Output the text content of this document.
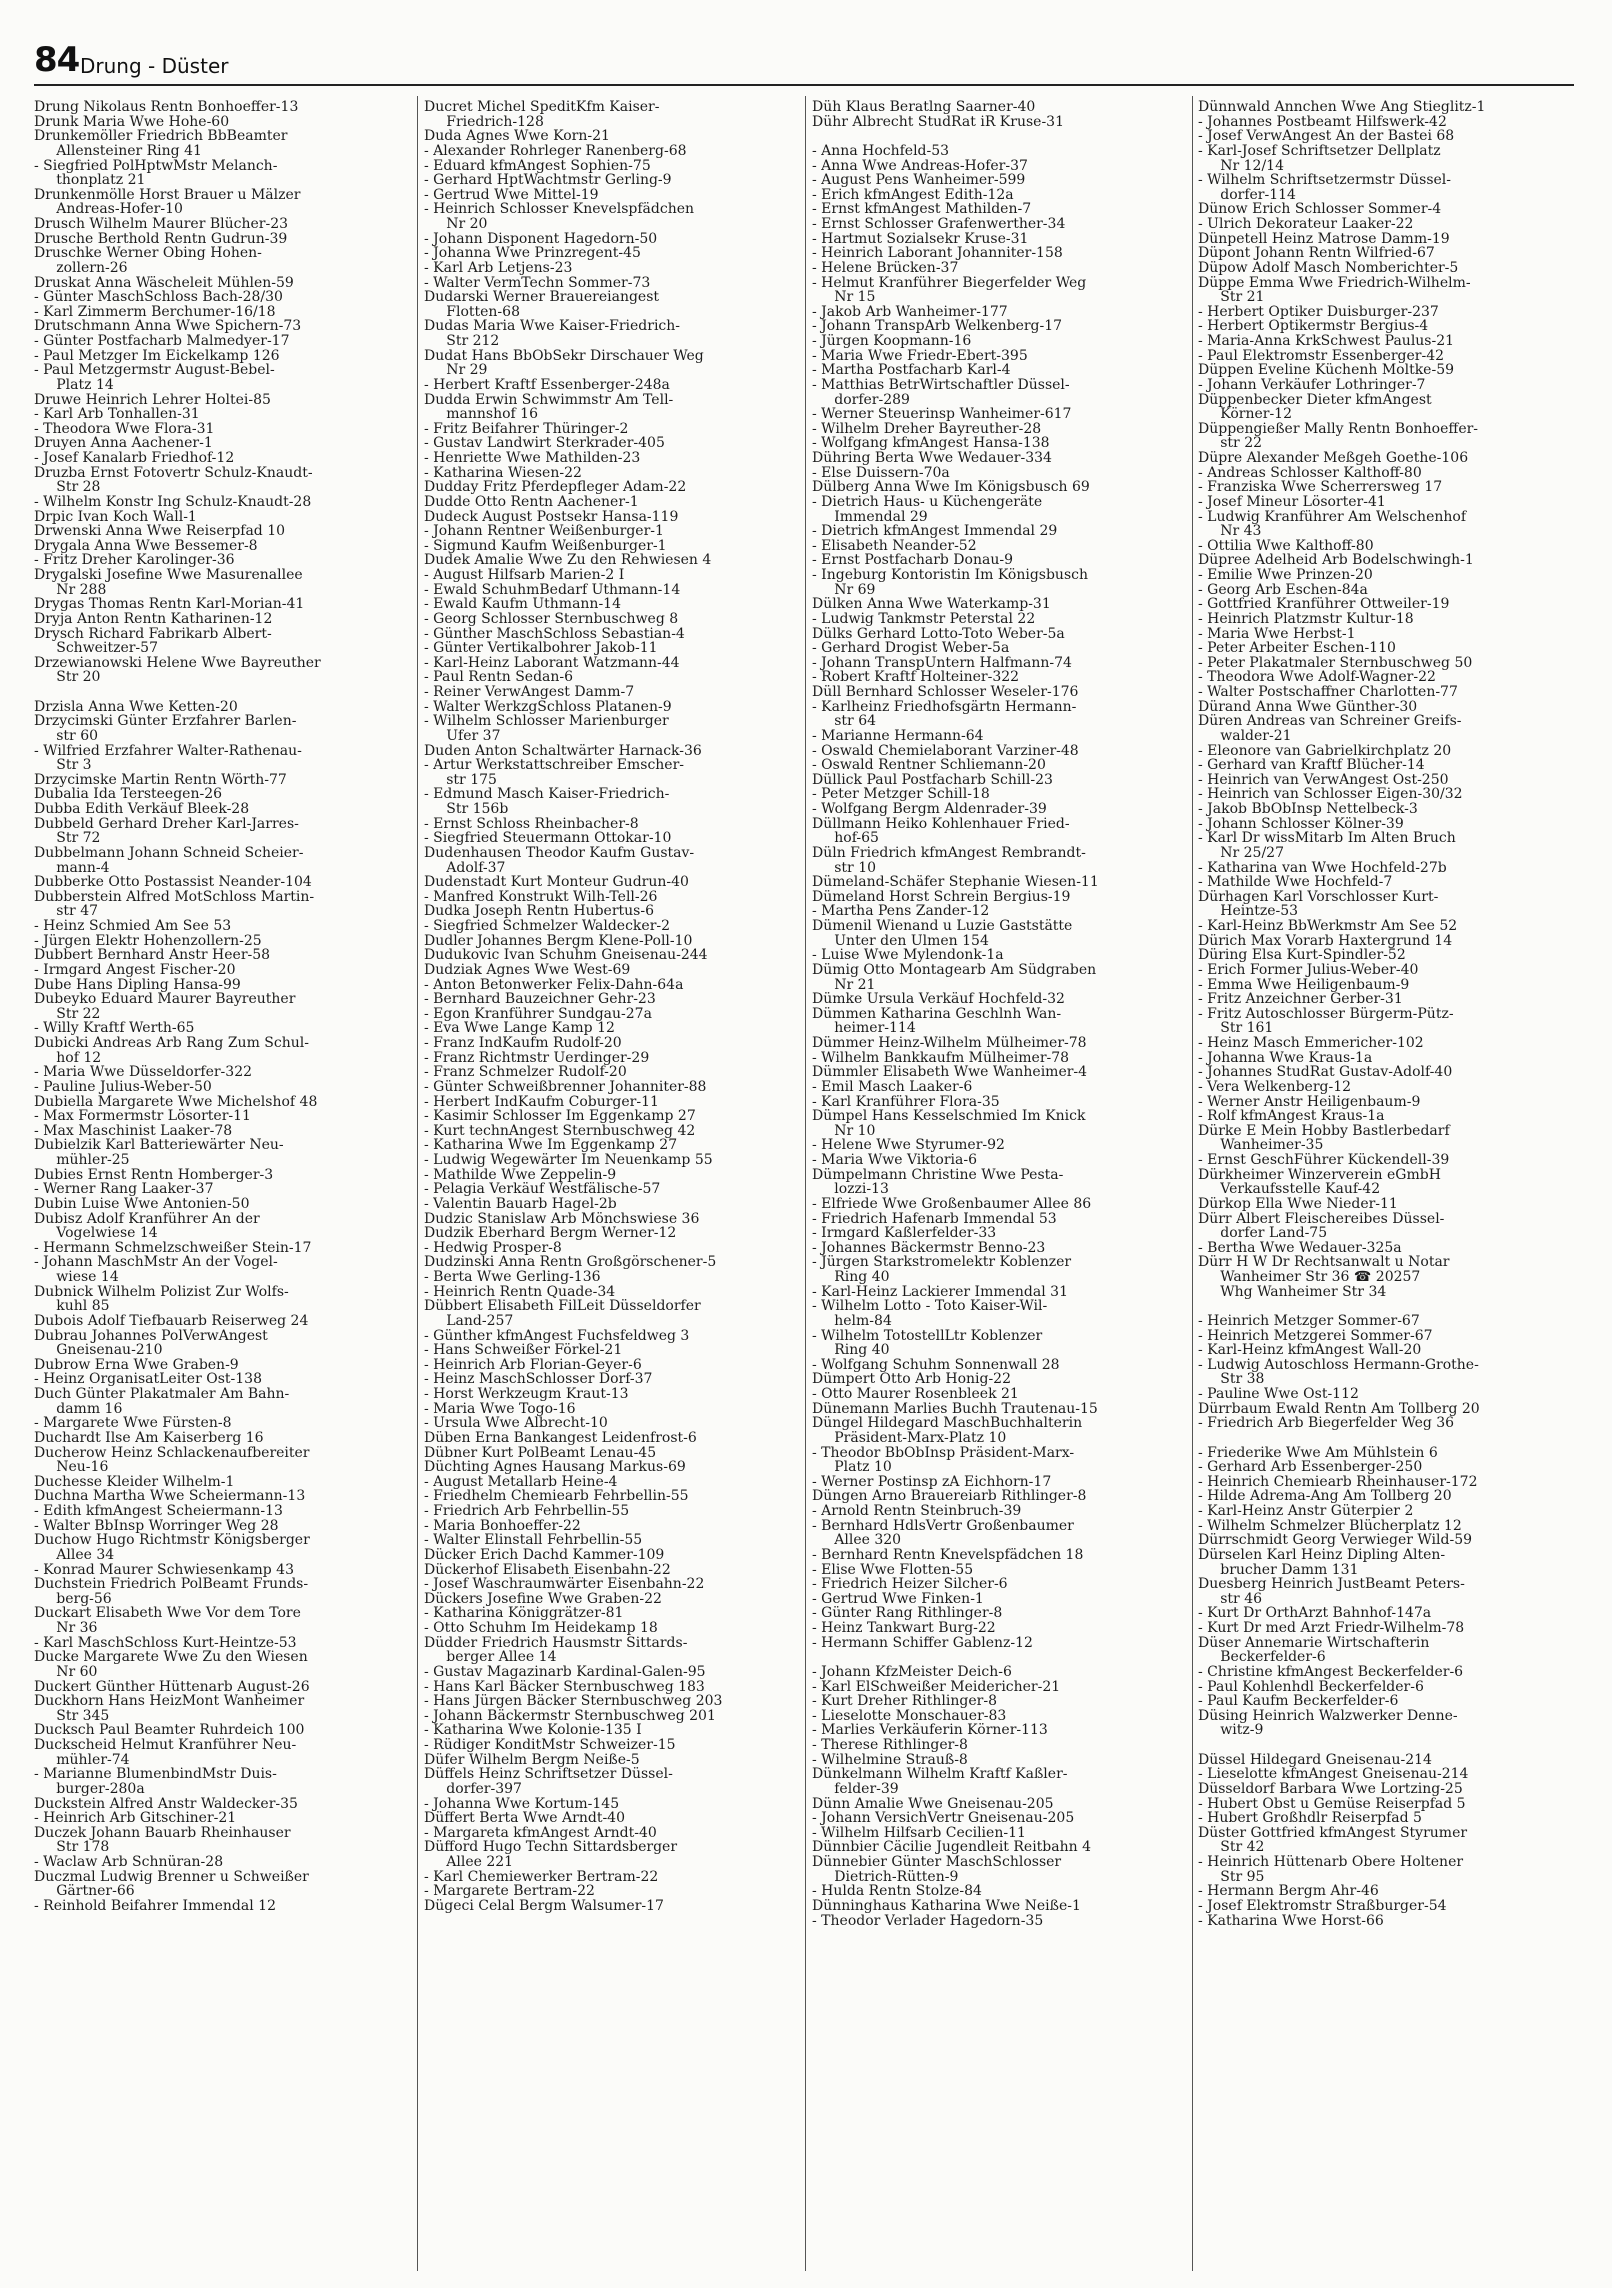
84 Drung - Düster

Drung Nikolaus Rentn Bonhoeffer-13

Drunk Maria Wwe Hohe-60

Drunkemöller Friedrich BbBeamter

Allensteiner Ring 41

- Siegfried PolHptwMstr Melanch-

thonplatz 21

Drunkenmölle Horst Brauer u Mälzer

Andreas-Hofer-10

Drusch Wilhelm Maurer Blücher-23

Drusche Berthold Rentn Gudrun-39

Druschke Werner Obing Hohen-

zollern-26

Druskat Anna Wäscheleit Mühlen-59

- Günter MaschSchloss Bach-28/30

- Karl Zimmerm Berchumer-16/18

Drutschmann Anna Wwe Spichern-73

- Günter Postfacharb Malmedyer-17

- Paul Metzger Im Eickelkamp 126

- Paul Metzgermstr August-Bebel-

Platz 14

Druwe Heinrich Lehrer Holtei-85

- Karl Arb Tonhallen-31

- Theodora Wwe Flora-31

Druyen Anna Aachener-1

- Josef Kanalarb Friedhof-12

Druzba Ernst Fotovertr Schulz-Knaudt-

Str 28

- Wilhelm Konstr Ing Schulz-Knaudt-28

Drpic Ivan Koch Wall-1

Drwenski Anna Wwe Reiserpfad 10

Drygala Anna Wwe Bessemer-8

- Fritz Dreher Karolinger-36

Drygalski Josefine Wwe Masurenallee

Nr 288

Drygas Thomas Rentn Karl-Morian-41

Dryja Anton Rentn Katharinen-12

Drysch Richard Fabrikarb Albert-

Schweitzer-57

Drzewianowski Helene Wwe Bayreuther

Str 20

Drzisla Anna Wwe Ketten-20

Drzycimski Günter Erzfahrer Barlen-

str 60

- Wilfried Erzfahrer Walter-Rathenau-

Str 3

Drzycimske Martin Rentn Wörth-77

Dubalia Ida Tersteegen-26

Dubba Edith Verkäuf Bleek-28

Dubbeld Gerhard Dreher Karl-Jarres-

Str 72

Dubbelmann Johann Schneid Scheier-

mann-4

Dubberke Otto Postassist Neander-104

Dubberstein Alfred MotSchloss Martin-

str 47

- Heinz Schmied Am See 53

- Jürgen Elektr Hohenzollern-25

Dubbert Bernhard Anstr Heer-58

- Irmgard Angest Fischer-20

Dube Hans Dipling Hansa-99

Dubeyko Eduard Maurer Bayreuther

Str 22

- Willy Kraftf Werth-65

Dubicki Andreas Arb Rang Zum Schul-

hof 12

- Maria Wwe Düsseldorfer-322

- Pauline Julius-Weber-50

Dubiella Margarete Wwe Michelshof 48

- Max Formermstr Lösorter-11

- Max Maschinist Laaker-78

Dubielzik Karl Batteriewärter Neu-

mühler-25

Dubies Ernst Rentn Homberger-3

- Werner Rang Laaker-37

Dubin Luise Wwe Antonien-50

Dubisz Adolf Kranführer An der

Vogelwiese 14

- Hermann Schmelzschweißer Stein-17

- Johann MaschMstr An der Vogel-

wiese 14

Dubnick Wilhelm Polizist Zur Wolfs-

kuhl 85

Dubois Adolf Tiefbauarb Reiserweg 24

Dubrau Johannes PolVerwAngest

Gneisenau-210

Dubrow Erna Wwe Graben-9

- Heinz OrganisatLeiter Ost-138

Duch Günter Plakatmaler Am Bahn-

damm 16

- Margarete Wwe Fürsten-8

Duchardt Ilse Am Kaiserberg 16

Ducherow Heinz Schlackenaufbereiter

Neu-16

Duchesse Kleider Wilhelm-1

Duchna Martha Wwe Scheiermann-13

- Edith kfmAngest Scheiermann-13

- Walter BbInsp Worringer Weg 28

Duchow Hugo Richtmstr Königsberger

Allee 34

- Konrad Maurer Schwiesenkamp 43

Duchstein Friedrich PolBeamt Frunds-

berg-56

Duckart Elisabeth Wwe Vor dem Tore

Nr 36

- Karl MaschSchloss Kurt-Heintze-53

Ducke Margarete Wwe Zu den Wiesen

Nr 60

Duckert Günther Hüttenarb August-26

Duckhorn Hans HeizMont Wanheimer

Str 345

Ducksch Paul Beamter Ruhrdeich 100

Duckscheid Helmut Kranführer Neu-

mühler-74

- Marianne BlumenbindMstr Duis-

burger-280a

Duckstein Alfred Anstr Waldecker-35

- Heinrich Arb Gitschiner-21

Duczek Johann Bauarb Rheinhauser

Str 178

- Waclaw Arb Schnüran-28

Duczmal Ludwig Brenner u Schweißer

Gärtner-66

- Reinhold Beifahrer Immendal 12

Ducret Michel SpeditKfm Kaiser-

Friedrich-128

Duda Agnes Wwe Korn-21

- Alexander Rohrleger Ranenberg-68

- Eduard kfmAngest Sophien-75

- Gerhard HptWachtmstr Gerling-9

- Gertrud Wwe Mittel-19

- Heinrich Schlosser Knevelspfädchen

Nr 20

- Johann Disponent Hagedorn-50

- Johanna Wwe Prinzregent-45

- Karl Arb Letjens-23

- Walter VermTechn Sommer-73

Dudarski Werner Brauereiangest

Flotten-68

Dudas Maria Wwe Kaiser-Friedrich-

Str 212

Dudat Hans BbObSekr Dirschauer Weg

Nr 29

- Herbert Kraftf Essenberger-248a

Dudda Erwin Schwimmstr Am Tell-

mannshof 16

- Fritz Beifahrer Thüringer-2

- Gustav Landwirt Sterkrader-405

- Henriette Wwe Mathilden-23

- Katharina Wiesen-22

Dudday Fritz Pferdepfleger Adam-22

Dudde Otto Rentn Aachener-1

Dudeck August Postsekr Hansa-119

- Johann Rentner Weißenburger-1

- Sigmund Kaufm Weißenburger-1

Dudek Amalie Wwe Zu den Rehwiesen 4

- August Hilfsarb Marien-2 I

- Ewald SchuhmBedarf Uthmann-14

- Ewald Kaufm Uthmann-14

- Georg Schlosser Sternbuschweg 8

- Günther MaschSchloss Sebastian-4

- Günter Vertikalbohrer Jakob-11

- Karl-Heinz Laborant Watzmann-44

- Paul Rentn Sedan-6

- Reiner VerwAngest Damm-7

- Walter WerkzgSchloss Platanen-9

- Wilhelm Schlosser Marienburger

Ufer 37

Duden Anton Schaltwärter Harnack-36

- Artur Werkstattschreiber Emscher-

str 175

- Edmund Masch Kaiser-Friedrich-

Str 156b

- Ernst Schloss Rheinbacher-8

- Siegfried Steuermann Ottokar-10

Dudenhausen Theodor Kaufm Gustav-

Adolf-37

Dudenstadt Kurt Monteur Gudrun-40

- Manfred Konstrukt Wilh-Tell-26

Dudka Joseph Rentn Hubertus-6

- Siegfried Schmelzer Waldecker-2

Dudler Johannes Bergm Klene-Poll-10

Dudukovic Ivan Schuhm Gneisenau-244

Dudziak Agnes Wwe West-69

- Anton Betonwerker Felix-Dahn-64a

- Bernhard Bauzeichner Gehr-23

- Egon Kranführer Sundgau-27a

- Eva Wwe Lange Kamp 12

- Franz IndKaufm Rudolf-20

- Franz Richtmstr Uerdinger-29

- Franz Schmelzer Rudolf-20

- Günter Schweißbrenner Johanniter-88

- Herbert IndKaufm Coburger-11

- Kasimir Schlosser Im Eggenkamp 27

- Kurt technAngest Sternbuschweg 42

- Katharina Wwe Im Eggenkamp 27

- Ludwig Wegewärter Im Neuenkamp 55

- Mathilde Wwe Zeppelin-9

- Pelagia Verkäuf Westfälische-57

- Valentin Bauarb Hagel-2b

Dudzic Stanislaw Arb Mönchswiese 36

Dudzik Eberhard Bergm Werner-12

- Hedwig Prosper-8

Dudzinski Anna Rentn Großgörschener-5

- Berta Wwe Gerling-136

- Heinrich Rentn Quade-34

Dübbert Elisabeth FilLeit Düsseldorfer

Land-257

- Günther kfmAngest Fuchsfeldweg 3

- Hans Schweißer Förkel-21

- Heinrich Arb Florian-Geyer-6

- Heinz MaschSchlosser Dorf-37

- Horst Werkzeugm Kraut-13

- Maria Wwe Togo-16

- Ursula Wwe Albrecht-10

Düben Erna Bankangest Leidenfrost-6

Dübner Kurt PolBeamt Lenau-45

Düchting Agnes Hausang Markus-69

- August Metallarb Heine-4

- Friedhelm Chemiearb Fehrbellin-55

- Friedrich Arb Fehrbellin-55

- Maria Bonhoeffer-22

- Walter Elinstall Fehrbellin-55

Dücker Erich Dachd Kammer-109

Dückerhof Elisabeth Eisenbahn-22

- Josef Waschraumwärter Eisenbahn-22

Dückers Josefine Wwe Graben-22

- Katharina Königgrätzer-81

- Otto Schuhm Im Heidekamp 18

Düdder Friedrich Hausmstr Sittards-

berger Allee 14

- Gustav Magazinarb Kardinal-Galen-95

- Hans Karl Bäcker Sternbuschweg 183

- Hans Jürgen Bäcker Sternbuschweg 203

- Johann Bäckermstr Sternbuschweg 201

- Katharina Wwe Kolonie-135 I

- Rüdiger KonditMstr Schweizer-15

Düfer Wilhelm Bergm Neiße-5

Düffels Heinz Schriftsetzer Düssel-

dorfer-397

- Johanna Wwe Kortum-145

Düffert Berta Wwe Arndt-40

- Margareta kfmAngest Arndt-40

Düfford Hugo Techn Sittardsberger

Allee 221

- Karl Chemiewerker Bertram-22

- Margarete Bertram-22

Dügeci Celal Bergm Walsumer-17

Düh Klaus Beratlng Saarner-40

Dühr Albrecht StudRat iR Kruse-31

- Anna Hochfeld-53

- Anna Wwe Andreas-Hofer-37

- August Pens Wanheimer-599

- Erich kfmAngest Edith-12a

- Ernst kfmAngest Mathilden-7

- Ernst Schlosser Grafenwerther-34

- Hartmut Sozialsekr Kruse-31

- Heinrich Laborant Johanniter-158

- Helene Brücken-37

- Helmut Kranführer Biegerfelder Weg

Nr 15

- Jakob Arb Wanheimer-177

- Johann TranspArb Welkenberg-17

- Jürgen Koopmann-16

- Maria Wwe Friedr-Ebert-395

- Martha Postfacharb Karl-4

- Matthias BetrWirtschaftler Düssel-

dorfer-289

- Werner Steuerinsp Wanheimer-617

- Wilhelm Dreher Bayreuther-28

- Wolfgang kfmAngest Hansa-138

Dühring Berta Wwe Wedauer-334

- Else Duissern-70a

Dülberg Anna Wwe Im Königsbusch 69

- Dietrich Haus- u Küchengeräte

Immendal 29

- Dietrich kfmAngest Immendal 29

- Elisabeth Neander-52

- Ernst Postfacharb Donau-9

- Ingeburg Kontoristin Im Königsbusch

Nr 69

Dülken Anna Wwe Waterkamp-31

- Ludwig Tankmstr Peterstal 22

Dülks Gerhard Lotto-Toto Weber-5a

- Gerhard Drogist Weber-5a

- Johann TranspUntern Halfmann-74

- Robert Kraftf Holteiner-322

Düll Bernhard Schlosser Weseler-176

- Karlheinz Friedhofsgärtn Hermann-

str 64

- Marianne Hermann-64

- Oswald Chemielaborant Varziner-48

- Oswald Rentner Schliemann-20

Düllick Paul Postfacharb Schill-23

- Peter Metzger Schill-18

- Wolfgang Bergm Aldenrader-39

Düllmann Heiko Kohlenhauer Fried-

hof-65

Düln Friedrich kfmAngest Rembrandt-

str 10

Dümeland-Schäfer Stephanie Wiesen-11

Dümeland Horst Schrein Bergius-19

- Martha Pens Zander-12

Dümenil Wienand u Luzie Gaststätte

Unter den Ulmen 154

- Luise Wwe Mylendonk-1a

Dümig Otto Montagearb Am Südgraben

Nr 21

Dümke Ursula Verkäuf Hochfeld-32

Dümmen Katharina Geschlnh Wan-

heimer-114

Dümmer Heinz-Wilhelm Mülheimer-78

- Wilhelm Bankkaufm Mülheimer-78

Dümmler Elisabeth Wwe Wanheimer-4

- Emil Masch Laaker-6

- Karl Kranführer Flora-35

Dümpel Hans Kesselschmied Im Knick

Nr 10

- Helene Wwe Styrumer-92

- Maria Wwe Viktoria-6

Dümpelmann Christine Wwe Pesta-

lozzi-13

- Elfriede Wwe Großenbaumer Allee 86

- Friedrich Hafenarb Immendal 53

- Irmgard Kaßlerfelder-33

- Johannes Bäckermstr Benno-23

- Jürgen Starkstromelektr Koblenzer

Ring 40

- Karl-Heinz Lackierer Immendal 31

- Wilhelm Lotto - Toto Kaiser-Wil-

helm-84

- Wilhelm TotostellLtr Koblenzer

Ring 40

- Wolfgang Schuhm Sonnenwall 28

Dümpert Otto Arb Honig-22

- Otto Maurer Rosenbleek 21

Dünemann Marlies Buchh Trautenau-15

Düngel Hildegard MaschBuchhalterin

Präsident-Marx-Platz 10

- Theodor BbObInsp Präsident-Marx-

Platz 10

- Werner Postinsp zA Eichhorn-17

Düngen Arno Brauereiarb Rithlinger-8

- Arnold Rentn Steinbruch-39

- Bernhard HdlsVertr Großenbaumer

Allee 320

- Bernhard Rentn Knevelspfädchen 18

- Elise Wwe Flotten-55

- Friedrich Heizer Silcher-6

- Gertrud Wwe Finken-1

- Günter Rang Rithlinger-8

- Heinz Tankwart Burg-22

- Hermann Schiffer Gablenz-12

- Johann KfzMeister Deich-6

- Karl ElSchweißer Meidericher-21

- Kurt Dreher Rithlinger-8

- Lieselotte Monschauer-83

- Marlies Verkäuferin Körner-113

- Therese Rithlinger-8

- Wilhelmine Strauß-8

Dünkelmann Wilhelm Kraftf Kaßler-

felder-39

Dünn Amalie Wwe Gneisenau-205

- Johann VersichVertr Gneisenau-205

- Wilhelm Hilfsarb Cecilien-11

Dünnbier Cäcilie Jugendleit Reitbahn 4

Dünnebier Günter MaschSchlosser

Dietrich-Rütten-9

- Hulda Rentn Stolze-84

Dünninghaus Katharina Wwe Neiße-1

- Theodor Verlader Hagedorn-35

Dünnwald Annchen Wwe Ang Stieglitz-1

- Johannes Postbeamt Hilfswerk-42

- Josef VerwAngest An der Bastei 68

- Karl-Josef Schriftsetzer Dellplatz

Nr 12/14

- Wilhelm Schriftsetzermstr Düssel-

dorfer-114

Dünow Erich Schlosser Sommer-4

- Ulrich Dekorateur Laaker-22

Dünpetell Heinz Matrose Damm-19

Düpont Johann Rentn Wilfried-67

Düpow Adolf Masch Nomberichter-5

Düppe Emma Wwe Friedrich-Wilhelm-

Str 21

- Herbert Optiker Duisburger-237

- Herbert Optikermstr Bergius-4

- Maria-Anna KrkSchwest Paulus-21

- Paul Elektromstr Essenberger-42

Düppen Eveline Küchenh Moltke-59

- Johann Verkäufer Lothringer-7

Düppenbecker Dieter kfmAngest

Körner-12

Düppengießer Mally Rentn Bonhoeffer-

str 22

Düpre Alexander Meßgeh Goethe-106

- Andreas Schlosser Kalthoff-80

- Franziska Wwe Scherrersweg 17

- Josef Mineur Lösorter-41

- Ludwig Kranführer Am Welschenhof

Nr 43

- Ottilia Wwe Kalthoff-80

Düpree Adelheid Arb Bodelschwingh-1

- Emilie Wwe Prinzen-20

- Georg Arb Eschen-84a

- Gottfried Kranführer Ottweiler-19

- Heinrich Platzmstr Kultur-18

- Maria Wwe Herbst-1

- Peter Arbeiter Eschen-110

- Peter Plakatmaler Sternbuschweg 50

- Theodora Wwe Adolf-Wagner-22

- Walter Postschaffner Charlotten-77

Dürand Anna Wwe Günther-30

Düren Andreas van Schreiner Greifs-

walder-21

- Eleonore van Gabrielkirchplatz 20

- Gerhard van Kraftf Blücher-14

- Heinrich van VerwAngest Ost-250

- Heinrich van Schlosser Eigen-30/32

- Jakob BbObInsp Nettelbeck-3

- Johann Schlosser Kölner-39

- Karl Dr wissMitarb Im Alten Bruch

Nr 25/27

- Katharina van Wwe Hochfeld-27b

- Mathilde Wwe Hochfeld-7

Dürhagen Karl Vorschlosser Kurt-

Heintze-53

- Karl-Heinz BbWerkmstr Am See 52

Dürich Max Vorarb Haxtergrund 14

Düring Elsa Kurt-Spindler-52

- Erich Former Julius-Weber-40

- Emma Wwe Heiligenbaum-9

- Fritz Anzeichner Gerber-31

- Fritz Autoschlosser Bürgerm-Pütz-

Str 161

- Heinz Masch Emmericher-102

- Johanna Wwe Kraus-1a

- Johannes StudRat Gustav-Adolf-40

- Vera Welkenberg-12

- Werner Anstr Heiligenbaum-9

- Rolf kfmAngest Kraus-1a

Dürke E Mein Hobby Bastlerbedarf

Wanheimer-35

- Ernst GeschFührer Kückendell-39

Dürkheimer Winzerverein eGmbH

Verkaufsstelle Kauf-42

Dürkop Ella Wwe Nieder-11

Dürr Albert Fleischereibes Düssel-

dorfer Land-75

- Bertha Wwe Wedauer-325a

Dürr H W Dr Rechtsanwalt u Notar

Wanheimer Str 36 ☎ 20257

Whg Wanheimer Str 34

- Heinrich Metzger Sommer-67

- Heinrich Metzgerei Sommer-67

- Karl-Heinz kfmAngest Wall-20

- Ludwig Autoschloss Hermann-Grothe-

Str 38

- Pauline Wwe Ost-112

Dürrbaum Ewald Rentn Am Tollberg 20

- Friedrich Arb Biegerfelder Weg 36

- Friederike Wwe Am Mühlstein 6

- Gerhard Arb Essenberger-250

- Heinrich Chemiearb Rheinhauser-172

- Hilde Adrema-Ang Am Tollberg 20

- Karl-Heinz Anstr Güterpier 2

- Wilhelm Schmelzer Blücherplatz 12

Dürrschmidt Georg Verwieger Wild-59

Dürselen Karl Heinz Dipling Alten-

brucher Damm 131

Duesberg Heinrich JustBeamt Peters-

str 46

- Kurt Dr OrthArzt Bahnhof-147a

- Kurt Dr med Arzt Friedr-Wilhelm-78

Düser Annemarie Wirtschafterin

Beckerfelder-6

- Christine kfmAngest Beckerfelder-6

- Paul Kohlenhdl Beckerfelder-6

- Paul Kaufm Beckerfelder-6

Düsing Heinrich Walzwerker Denne-

witz-9

Düssel Hildegard Gneisenau-214

- Lieselotte kfmAngest Gneisenau-214

Düsseldorf Barbara Wwe Lortzing-25

- Hubert Obst u Gemüse Reiserpfad 5

- Hubert Großhdlr Reiserpfad 5

Düster Gottfried kfmAngest Styrumer

Str 42

- Heinrich Hüttenarb Obere Holtener

Str 95

- Hermann Bergm Ahr-46

- Josef Elektromstr Straßburger-54

- Katharina Wwe Horst-66
